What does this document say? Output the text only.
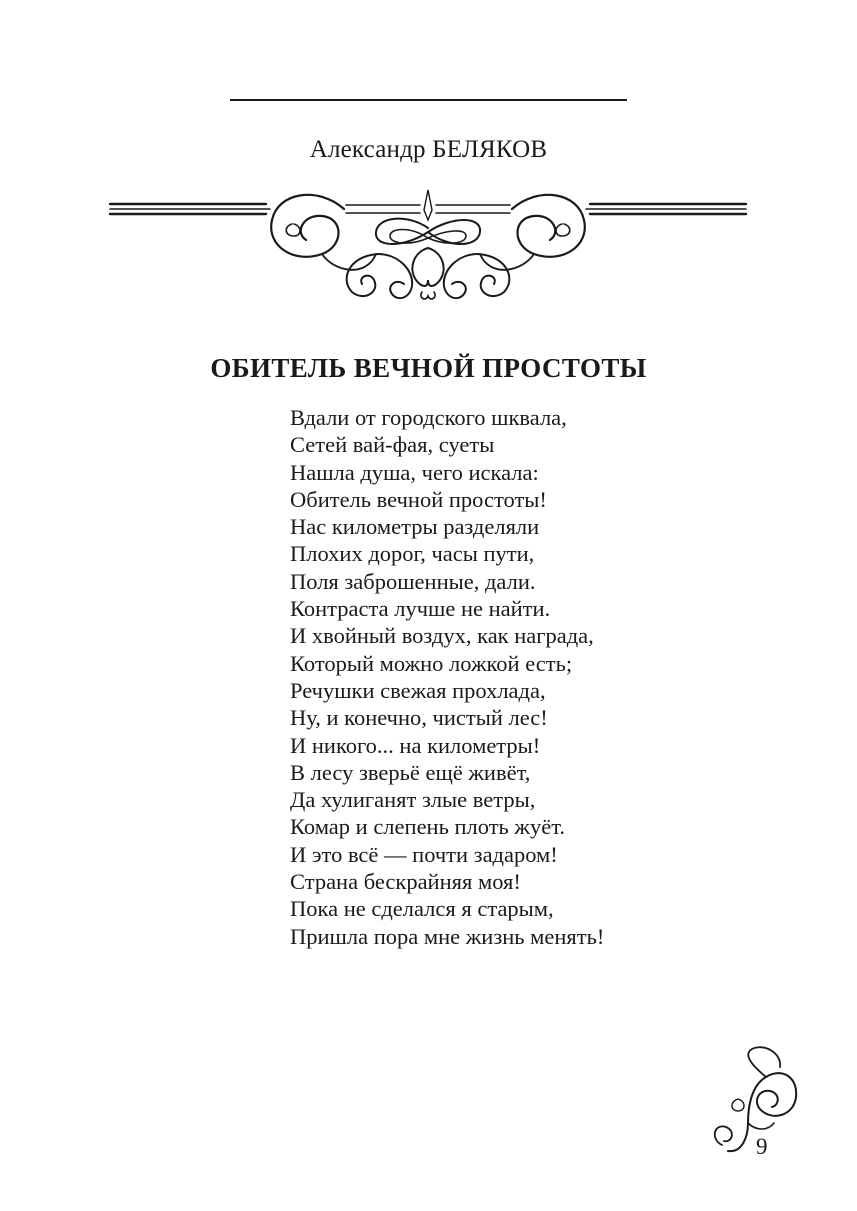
Александр БЕЛЯКОВ
ОБИТЕЛЬ ВЕЧНОЙ ПРОСТОТЫ
Вдали от городского шквала,
Сетей вай-фая, суеты
Нашла душа, чего искала:
Обитель вечной простоты!
Нас километры разделяли
Плохих дорог, часы пути,
Поля заброшенные, дали.
Контраста лучше не найти.
И хвойный воздух, как награда,
Который можно ложкой есть;
Речушки свежая прохлада,
Ну, и конечно, чистый лес!
И никого... на километры!
В лесу зверьё ещё живёт,
Да хулиганят злые ветры,
Комар и слепень плоть жуёт.
И это всё — почти задаром!
Страна бескрайняя моя!
Пока не сделался я старым,
Пришла пора мне жизнь менять!
9
